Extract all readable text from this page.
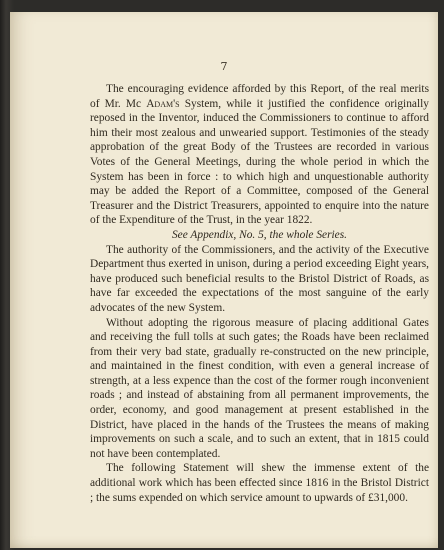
7

The encouraging evidence afforded by this Report, of the real merits of Mr. Mc Adam's System, while it justified the confidence originally reposed in the Inventor, induced the Commissioners to continue to afford him their most zealous and unwearied support. Testimonies of the steady approbation of the great Body of the Trustees are recorded in various Votes of the General Meetings, during the whole period in which the System has been in force : to which high and unquestionable authority may be added the Report of a Committee, composed of the General Treasurer and the District Treasurers, appointed to enquire into the nature of the Expenditure of the Trust, in the year 1822.

See Appendix, No. 5, the whole Series.

The authority of the Commissioners, and the activity of the Executive Department thus exerted in unison, during a period exceeding Eight years, have produced such beneficial results to the Bristol District of Roads, as have far exceeded the expectations of the most sanguine of the early advocates of the new System.

Without adopting the rigorous measure of placing additional Gates and receiving the full tolls at such gates; the Roads have been reclaimed from their very bad state, gradually re-constructed on the new principle, and maintained in the finest condition, with even a general increase of strength, at a less expence than the cost of the former rough inconvenient roads ; and instead of abstaining from all permanent improvements, the order, economy, and good management at present established in the District, have placed in the hands of the Trustees the means of making improvements on such a scale, and to such an extent, that in 1815 could not have been contemplated.

The following Statement will shew the immense extent of the additional work which has been effected since 1816 in the Bristol District ; the sums expended on which service amount to upwards of £31,000.
